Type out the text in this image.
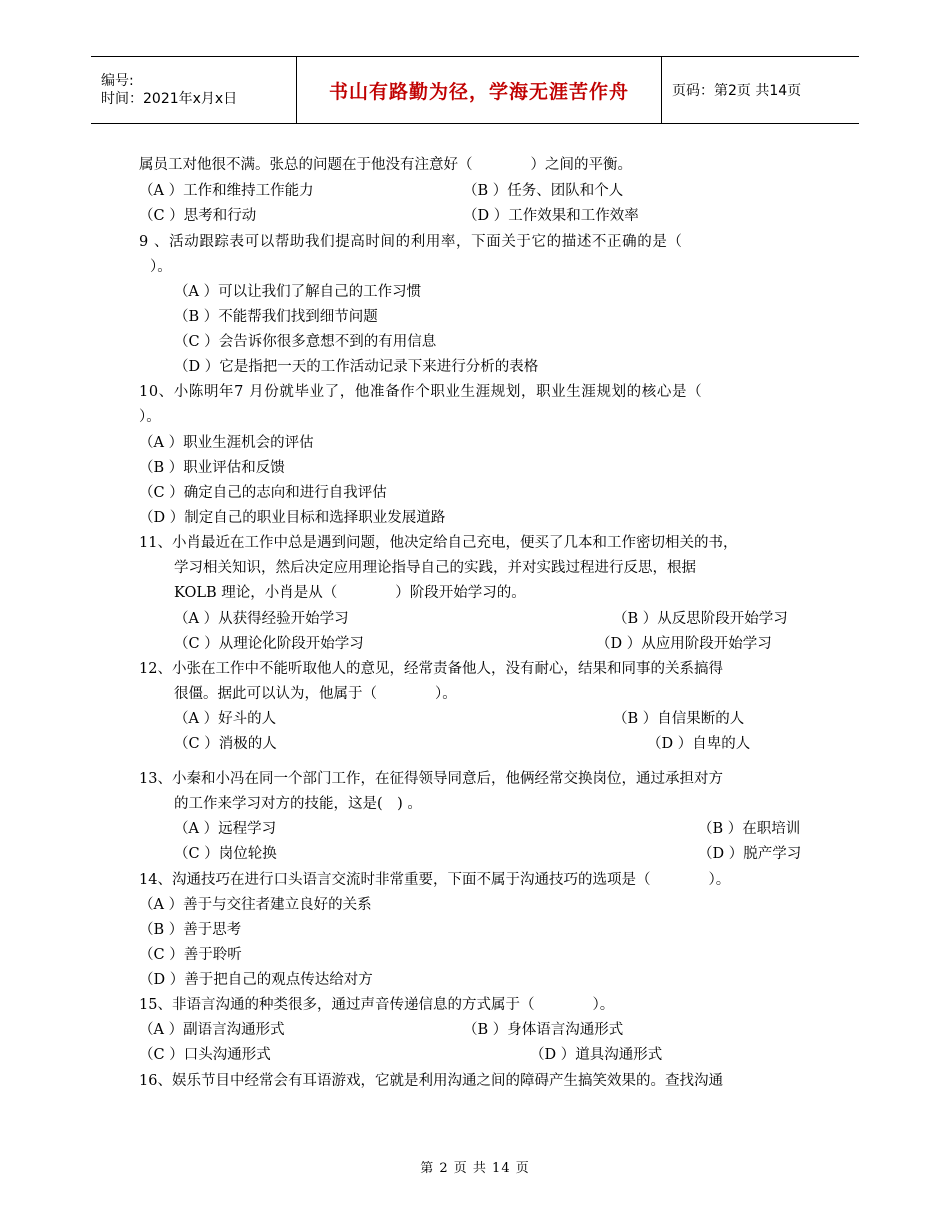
编号:
时间：2021年x月x日	书山有路勤为径，学海无涯苦作舟	页码：第2页 共14页
属员工对他很不满。张总的问题在于他没有注意好（　　　　）之间的平衡。
（A ）工作和维持工作能力	（B ）任务、团队和个人
（C ）思考和行动	（D ）工作效果和工作效率
9 、活动跟踪表可以帮助我们提高时间的利用率，下面关于它的描述不正确的是（
）。
（A ）可以让我们了解自己的工作习惯
（B ）不能帮我们找到细节问题
（C ）会告诉你很多意想不到的有用信息
（D ）它是指把一天的工作活动记录下来进行分析的表格
10、小陈明年7 月份就毕业了，他准备作个职业生涯规划，职业生涯规划的核心是（
）。
（A ）职业生涯机会的评估
（B ）职业评估和反馈
（C ）确定自己的志向和进行自我评估
（D ）制定自己的职业目标和选择职业发展道路
11、小肖最近在工作中总是遇到问题，他决定给自己充电，便买了几本和工作密切相关的书，
学习相关知识，然后决定应用理论指导自己的实践，并对实践过程进行反思，根据
KOLB 理论，小肖是从（　　　　）阶段开始学习的。
（A ）从获得经验开始学习	（B ）从反思阶段开始学习
（C ）从理论化阶段开始学习	（D ）从应用阶段开始学习
12、小张在工作中不能听取他人的意见，经常责备他人，没有耐心，结果和同事的关系搞得
很僵。据此可以认为，他属于（　　　　）。
（A ）好斗的人	（B ）自信果断的人
（C ）消极的人	（D ）自卑的人
13、小秦和小冯在同一个部门工作，在征得领导同意后，他俩经常交换岗位，通过承担对方
的工作来学习对方的技能，这是(　) 。
（A ）远程学习	（B ）在职培训
（C ）岗位轮换	（D ）脱产学习
14、沟通技巧在进行口头语言交流时非常重要，下面不属于沟通技巧的选项是（　　　　）。
（A ）善于与交往者建立良好的关系
（B ）善于思考
（C ）善于聆听
（D ）善于把自己的观点传达给对方
15、非语言沟通的种类很多，通过声音传递信息的方式属于（　　　　）。
（A ）副语言沟通形式	（B ）身体语言沟通形式
（C ）口头沟通形式	（D ）道具沟通形式
16、娱乐节目中经常会有耳语游戏，它就是利用沟通之间的障碍产生搞笑效果的。查找沟通
第 2 页 共 14 页
